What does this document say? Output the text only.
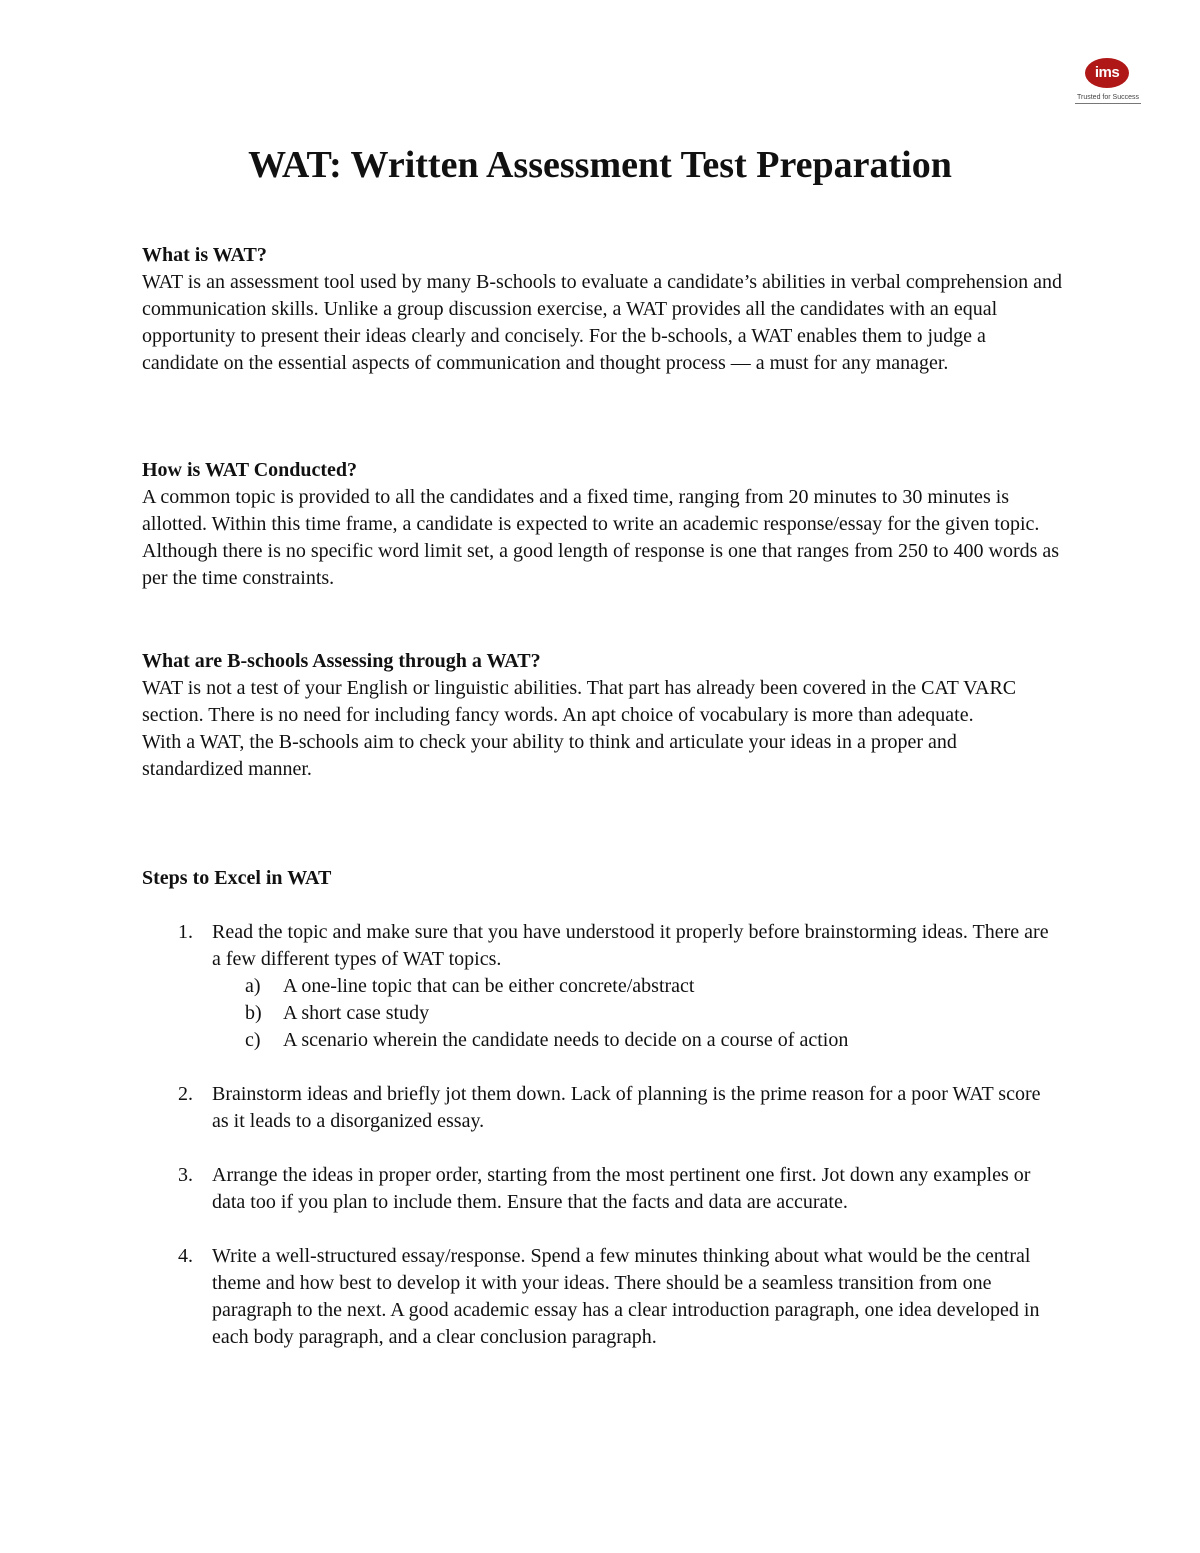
ims
Trusted for Success
WAT: Written Assessment Test Preparation
What is WAT?

WAT is an assessment tool used by many B-schools to evaluate a candidate’s abilities in verbal comprehension and communication skills. Unlike a group discussion exercise, a WAT provides all the candidates with an equal opportunity to present their ideas clearly and concisely. For the b-schools, a WAT enables them to judge a candidate on the essential aspects of communication and thought process — a must for any manager.

How is WAT Conducted?

A common topic is provided to all the candidates and a fixed time, ranging from 20 minutes to 30 minutes is allotted. Within this time frame, a candidate is expected to write an academic response/essay for the given topic. Although there is no specific word limit set, a good length of response is one that ranges from 250 to 400 words as per the time constraints.

What are B-schools Assessing through a WAT?

WAT is not a test of your English or linguistic abilities. That part has already been covered in the CAT VARC section. There is no need for including fancy words. An apt choice of vocabulary is more than adequate.

With a WAT, the B-schools aim to check your ability to think and articulate your ideas in a proper and standardized manner.

Steps to Excel in WAT
1. Read the topic and make sure that you have understood it properly before brainstorming ideas. There are a few different types of WAT topics.
a) A one-line topic that can be either concrete/abstract
b) A short case study
c) A scenario wherein the candidate needs to decide on a course of action
2. Brainstorm ideas and briefly jot them down. Lack of planning is the prime reason for a poor WAT score as it leads to a disorganized essay.
3. Arrange the ideas in proper order, starting from the most pertinent one first. Jot down any examples or data too if you plan to include them. Ensure that the facts and data are accurate.
4. Write a well-structured essay/response. Spend a few minutes thinking about what would be the central theme and how best to develop it with your ideas. There should be a seamless transition from one paragraph to the next. A good academic essay has a clear introduction paragraph, one idea developed in each body paragraph, and a clear conclusion paragraph.
